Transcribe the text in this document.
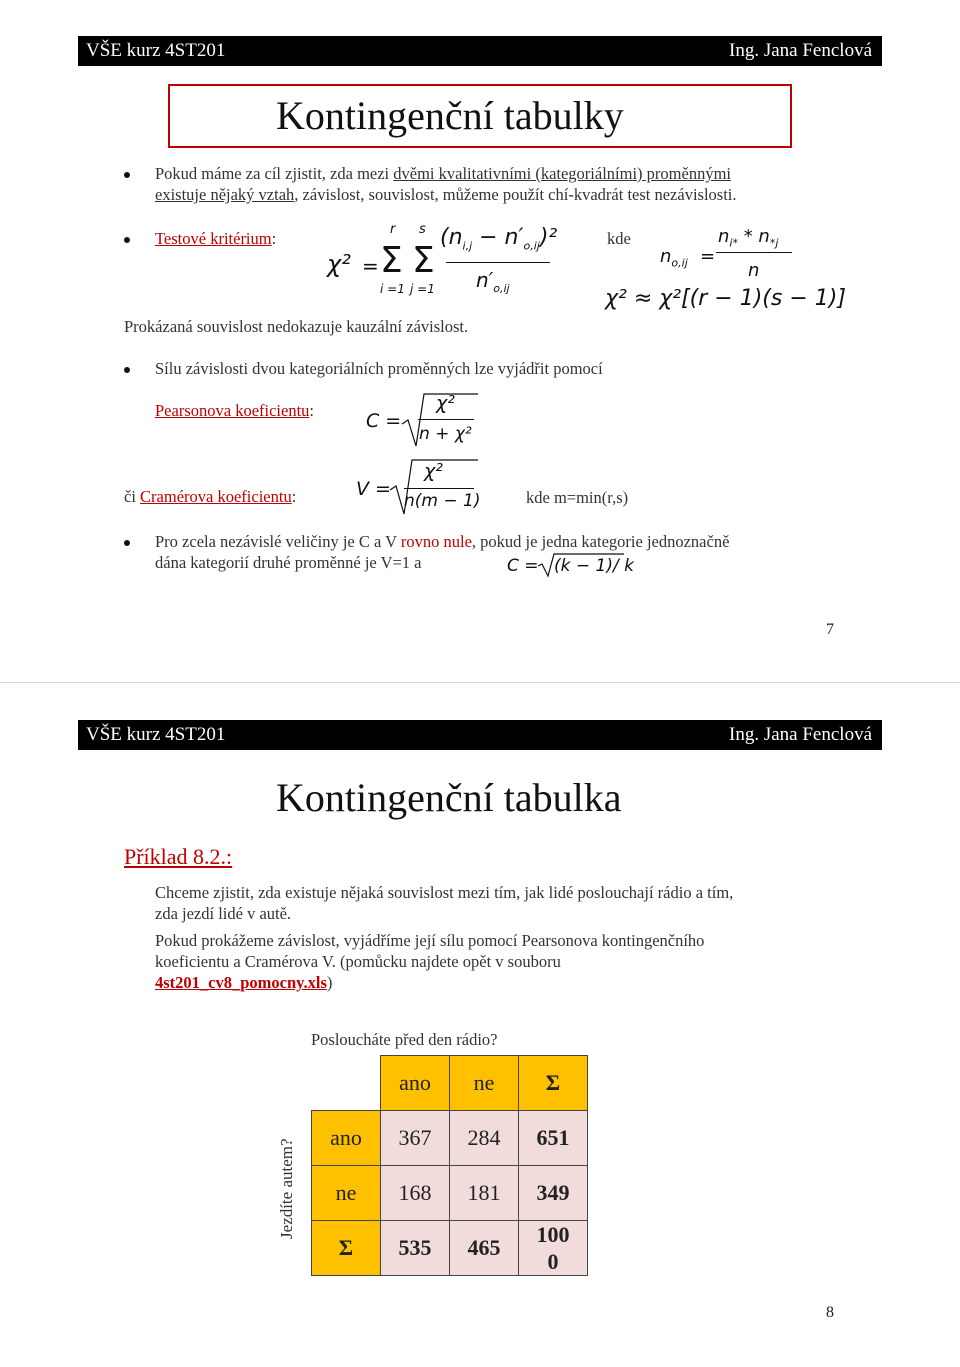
VŠE kurz 4ST201	Ing. Jana Fenclová
Kontingenční tabulky
Pokud máme za cíl zjistit, zda mezi dvěmi kvalitativními (kategoriálními) proměnnými
existuje nějaký vztah, závislost, souvislost, můžeme použít chí-kvadrát test nezávislosti.
Testové kritérium:
χ² =
r
Σ
i =1
s
Σ
j =1
$(n_{i,j} - n'_{o,ij})^2$
$n'_{o,ij}$
kde
$n_{o,ij}$ =
$n_{i*} * n_{*j}$
n
χ² ≈ χ²[(r − 1)(s − 1)]
Prokázaná souvislost nedokazuje kauzální závislost.
Sílu závislosti dvou kategoriálních proměnných lze vyjádřit pomocí
Pearsonova koeficientu:	C =
χ²
n + χ²
či Cramérova koeficientu:	V =
χ²
n(m − 1)	kde m=min(r,s)
Pro zcela nezávislé veličiny je C a V rovno nule, pokud je jedna kategorie jednoznačně
dána kategorií druhé proměnné je V=1 a	C = (k − 1)/ k
7
VŠE kurz 4ST201	Ing. Jana Fenclová
Kontingenční tabulka
Příklad 8.2.:
Chceme zjistit, zda existuje nějaká souvislost mezi tím, jak lidé poslouchají rádio a tím,
zda jezdí lidé v autě.
Pokud prokážeme závislost, vyjádříme její sílu pomocí Pearsonova kontingenčního
koeficientu a Cramérova V. (pomůcku najdete opět v souboru
4st201_cv8_pomocny.xls)
Posloucháte před den rádio?
Jezdíte autem?
	ano	ne	Σ
ano	367	284	651
ne	168	181	349
Σ	535	465	100 0
8
